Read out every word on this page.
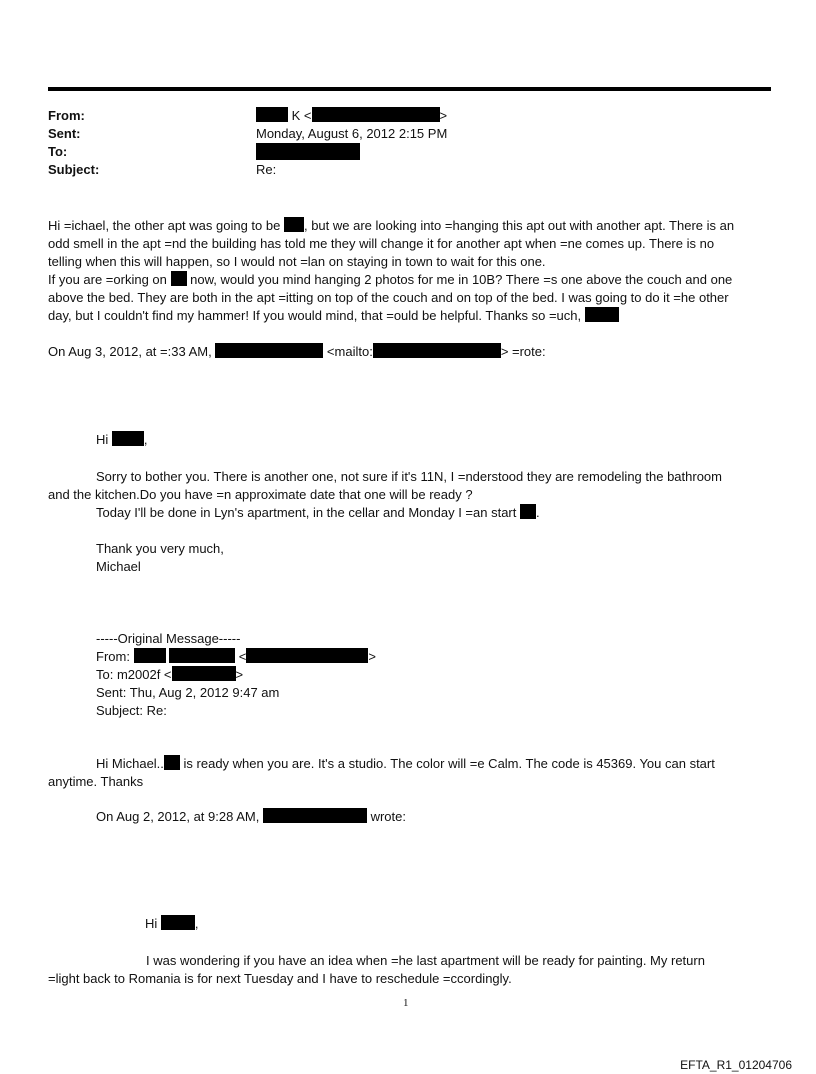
From:	K <	>
Sent:	Monday, August 6, 2012 2:15 PM
To:
Subject:	Re:

Hi =ichael, the other apt was going to be , but we are looking into =hanging this apt out with another apt. There is an

odd smell in the apt =nd the building has told me they will change it for another apt when =ne comes up. There is no

telling when this will happen, so I would not =lan on staying in town to wait for this one.

If you are =orking on  now, would you mind hanging 2 photos for me in 10B? There =s one above the couch and one

above the bed. They are both in the apt =itting on top of the couch and on top of the bed. I was going to do it =he other

day, but I couldn't find my hammer! If you would mind, that =ould be helpful. Thanks so =uch,

On Aug 3, 2012, at =:33 AM,	<mailto:	> =rote:
Hi ,
Sorry to bother you. There is another one, not sure if it's 11N, I =nderstood they are remodeling the bathroom
and the kitchen.Do you have =n approximate date that one will be ready ?
Today I'll be done in Lyn's apartment, in the cellar and Monday I =an start .
Thank you very much,
Michael
-----Original Message-----
From:	<	>
To: m2002f <	>
Sent: Thu, Aug 2, 2012 9:47 am
Subject: Re:
Hi Michael.. is ready when you are. It's a studio. The color will =e Calm. The code is 45369. You can start
anytime. Thanks
On Aug 2, 2012, at 9:28 AM,	wrote:
Hi	,
I was wondering if you have an idea when =he last apartment will be ready for painting. My return
=light back to Romania is for next Tuesday and I have to reschedule =ccordingly.
1
EFTA_R1_01204706
